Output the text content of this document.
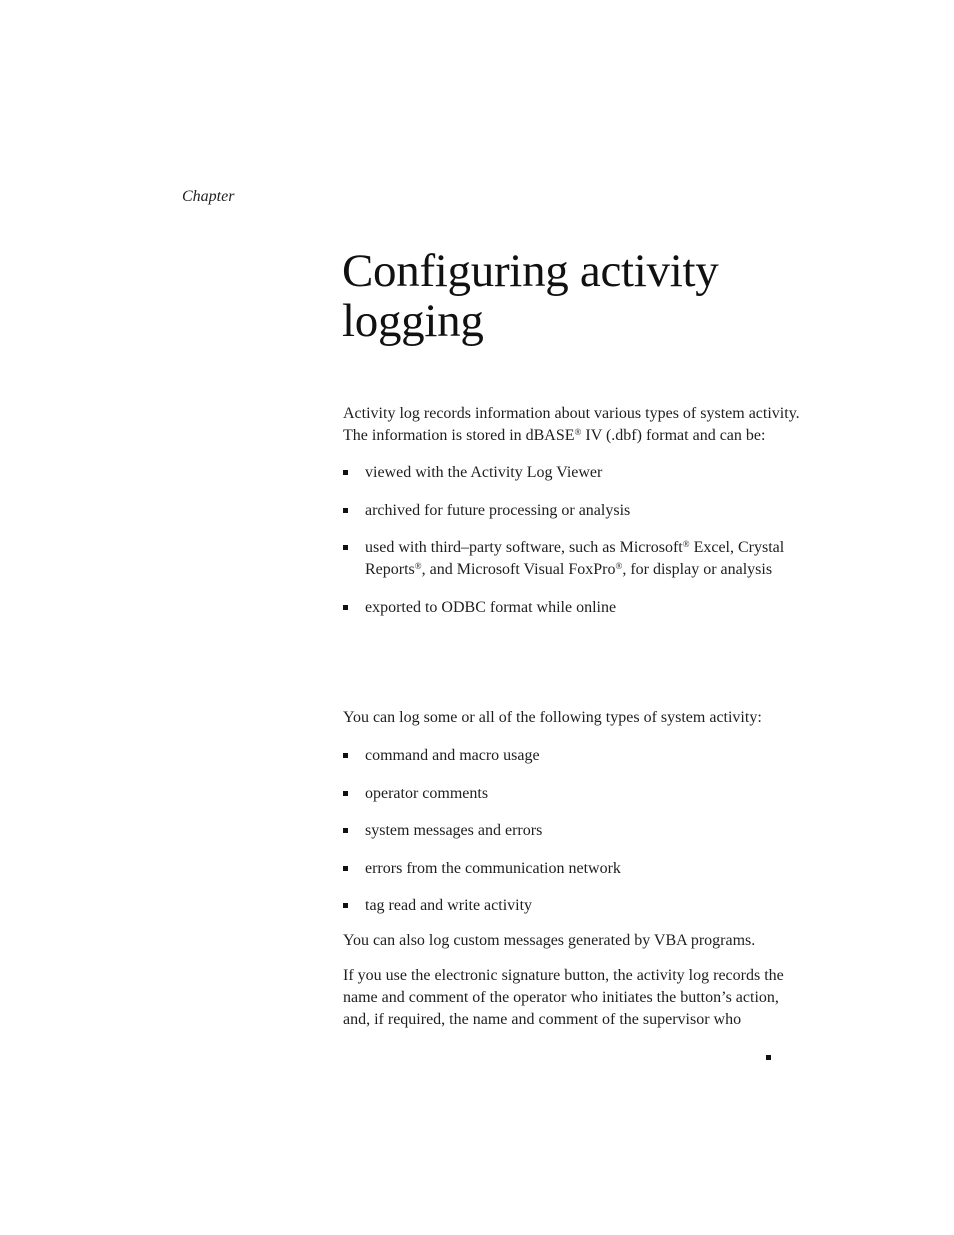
Chapter
Configuring activity
logging

Activity log records information about various types of system activity.
The information is stored in dBASE® IV (.dbf) format and can be:

viewed with the Activity Log Viewer
archived for future processing or analysis
used with third–party software, such as Microsoft® Excel, Crystal
Reports®, and Microsoft Visual FoxPro®, for display or analysis
exported to ODBC format while online

You can log some or all of the following types of system activity:

command and macro usage
operator comments
system messages and errors
errors from the communication network
tag read and write activity

You can also log custom messages generated by VBA programs.

If you use the electronic signature button, the activity log records the
name and comment of the operator who initiates the button’s action,
and, if required, the name and comment of the supervisor who
